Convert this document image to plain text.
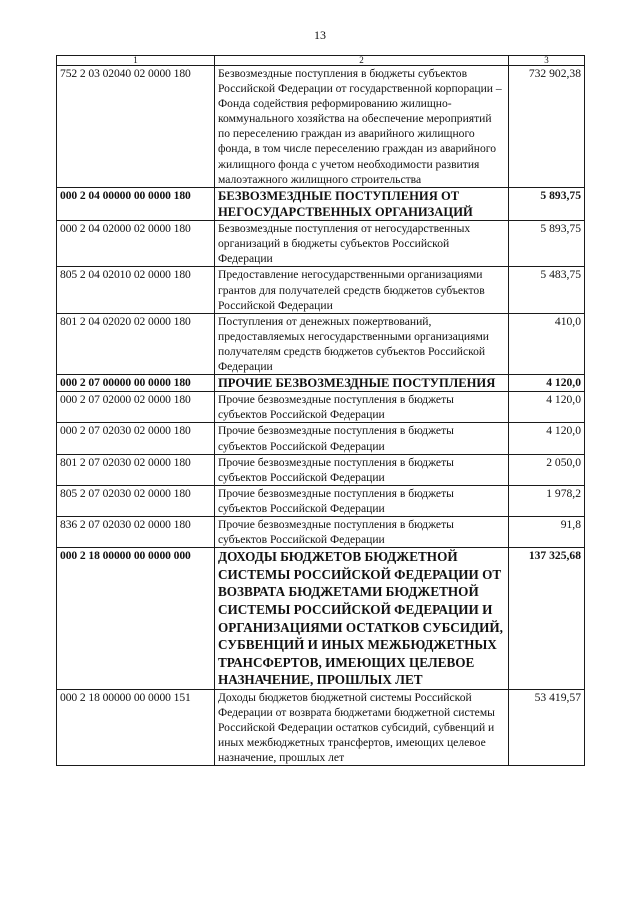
13
1	2	3
752 2 03 02040 02 0000 180	Безвозмездные поступления в бюджеты субъектов Российской Федерации от государственной корпорации – Фонда содействия реформированию жилищно-коммунального хозяйства на обеспечение мероприятий по переселению граждан из аварийного жилищного фонда, в том числе переселению граждан из аварийного жилищного фонда с учетом необходимости развития малоэтажного жилищного строительства	732 902,38
000 2 04 00000 00 0000 180	БЕЗВОЗМЕЗДНЫЕ ПОСТУПЛЕНИЯ ОТ НЕГОСУДАРСТВЕННЫХ ОРГАНИЗАЦИЙ	5 893,75
000 2 04 02000 02 0000 180	Безвозмездные поступления от негосударственных организаций в бюджеты субъектов Российской Федерации	5 893,75
805 2 04 02010 02 0000 180	Предоставление негосударственными организациями грантов для получателей средств бюджетов субъектов Российской Федерации	5 483,75
801 2 04 02020 02 0000 180	Поступления от денежных пожертвований, предоставляемых негосударственными организациями получателям средств бюджетов субъектов Российской Федерации	410,0
000 2 07 00000 00 0000 180	ПРОЧИЕ БЕЗВОЗМЕЗДНЫЕ ПОСТУПЛЕНИЯ	4 120,0
000 2 07 02000 02 0000 180	Прочие безвозмездные поступления в бюджеты субъектов Российской Федерации	4 120,0
000 2 07 02030 02 0000 180	Прочие безвозмездные поступления в бюджеты субъектов Российской Федерации	4 120,0
801 2 07 02030 02 0000 180	Прочие безвозмездные поступления в бюджеты субъектов Российской Федерации	2 050,0
805 2 07 02030 02 0000 180	Прочие безвозмездные поступления в бюджеты субъектов Российской Федерации	1 978,2
836 2 07 02030 02 0000 180	Прочие безвозмездные поступления в бюджеты субъектов Российской Федерации	91,8
000 2 18 00000 00 0000 000	ДОХОДЫ БЮДЖЕТОВ БЮДЖЕТНОЙ СИСТЕМЫ РОССИЙСКОЙ ФЕДЕРАЦИИ ОТ ВОЗВРАТА БЮДЖЕТАМИ БЮДЖЕТНОЙ СИСТЕМЫ РОССИЙСКОЙ ФЕДЕРАЦИИ И ОРГАНИЗАЦИЯМИ ОСТАТКОВ СУБСИДИЙ, СУБВЕНЦИЙ И ИНЫХ МЕЖБЮДЖЕТНЫХ ТРАНСФЕРТОВ, ИМЕЮЩИХ ЦЕЛЕВОЕ НАЗНАЧЕНИЕ, ПРОШЛЫХ ЛЕТ	137 325,68
000 2 18 00000 00 0000 151	Доходы бюджетов бюджетной системы Российской Федерации от возврата бюджетами бюджетной системы Российской Федерации остатков субсидий, субвенций и иных межбюджетных трансфертов, имеющих целевое назначение, прошлых лет	53 419,57
